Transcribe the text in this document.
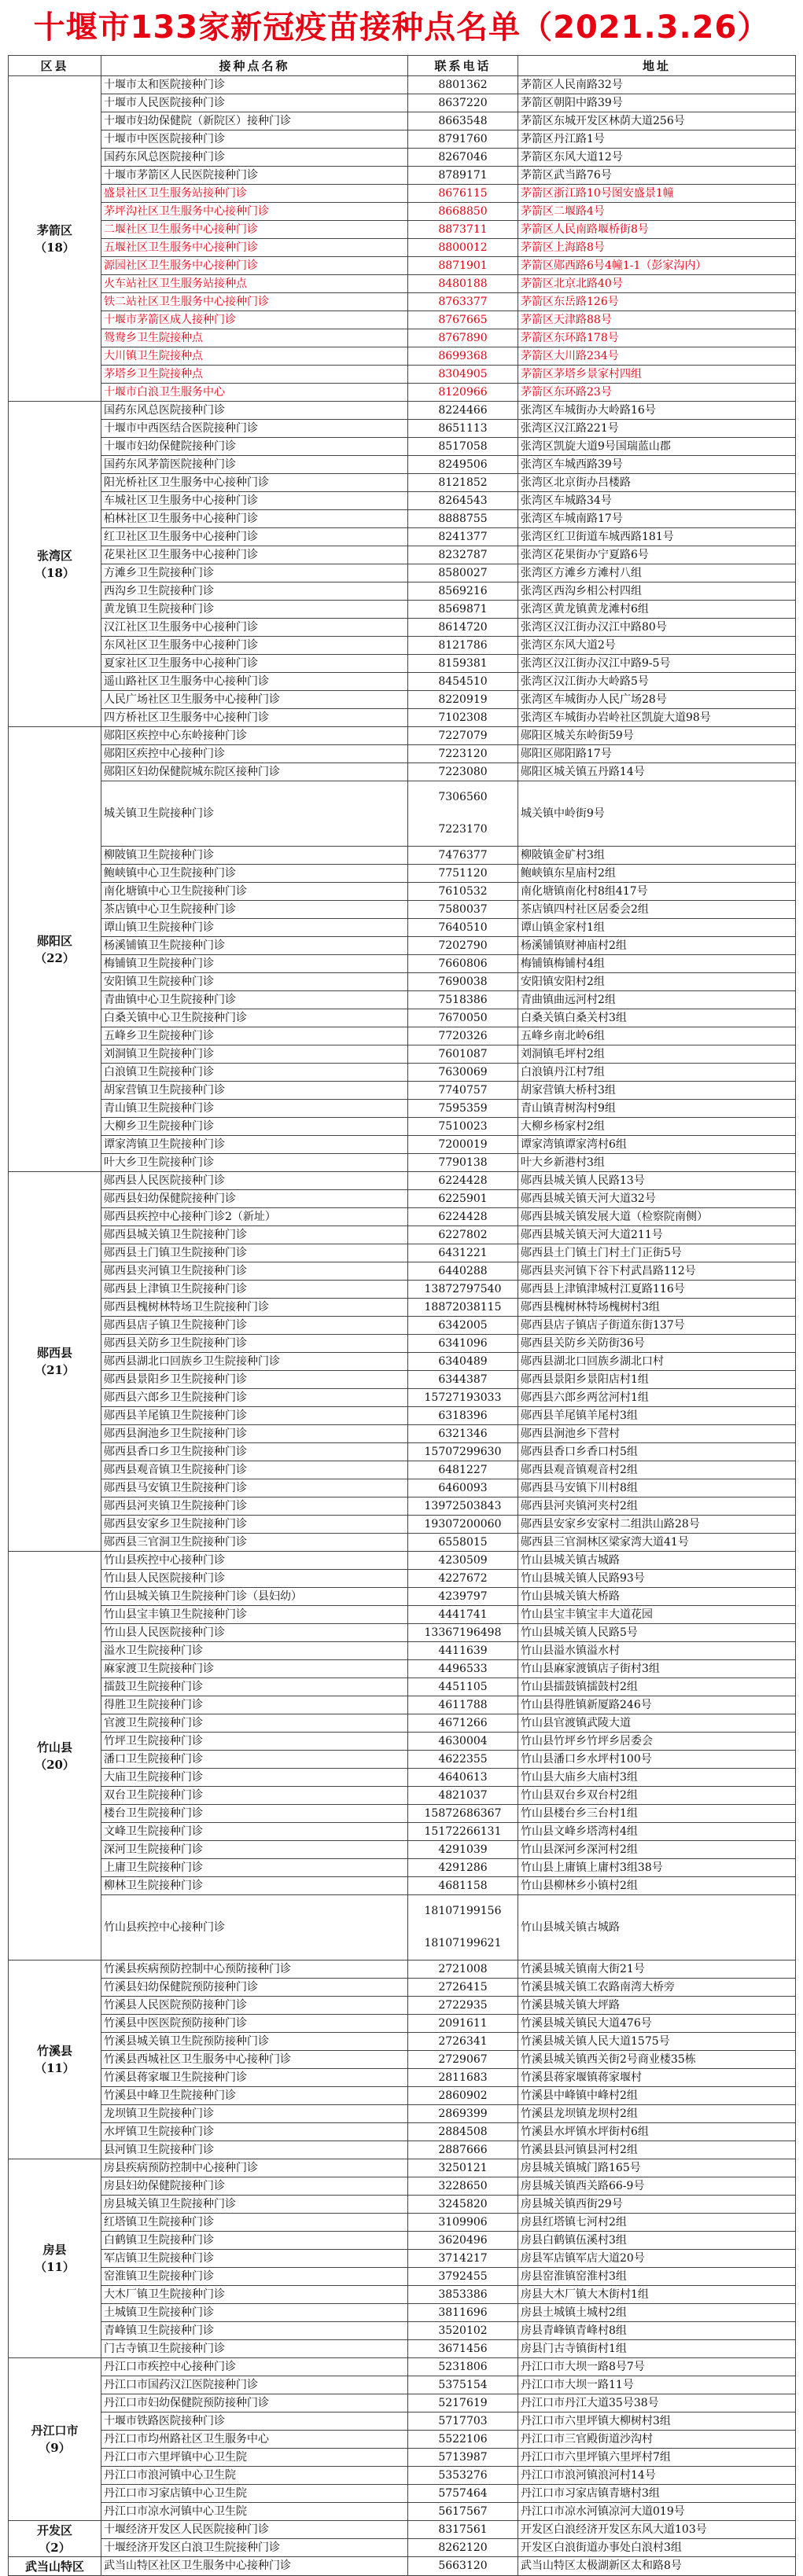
十堰市133家新冠疫苗接种点名单（2021.3.26）
区县	接种点名称	联系电话	地址

茅箭区
（18）	十堰市太和医院接种门诊	8801362	茅箭区人民南路32号
	十堰市人民医院接种门诊	8637220	茅箭区朝阳中路39号
	十堰市妇幼保健院（新院区）接种门诊	8663548	茅箭区东城开发区林荫大道256号
	十堰市中医医院接种门诊	8791760	茅箭区丹江路1号
	国药东风总医院接种门诊	8267046	茅箭区东风大道12号
	十堰市茅箭区人民医院接种门诊	8789171	茅箭区武当路76号
	盛景社区卫生服务站接种门诊	8676115	茅箭区浙江路10号图安盛景1幢
	茅坪沟社区卫生服务中心接种门诊	8668850	茅箭区二堰路4号
	二堰社区卫生服务中心接种门诊	8873711	茅箭区人民南路堰桥街8号
	五堰社区卫生服务中心接种门诊	8800012	茅箭区上海路8号
	源园社区卫生服务中心接种门诊	8871901	茅箭区郧西路6号4幢1-1（彭家沟内）
	火车站社区卫生服务站接种点	8480188	茅箭区北京北路40号
	铁二站社区卫生服务中心接种门诊	8763377	茅箭区东岳路126号
	十堰市茅箭区成人接种门诊	8767665	茅箭区天津路88号
	鸳鸯乡卫生院接种点	8767890	茅箭区东环路178号
	大川镇卫生院接种点	8699368	茅箭区大川路234号
	茅塔乡卫生院接种点	8304905	茅箭区茅塔乡景家村四组
	十堰市白浪卫生服务中心	8120966	茅箭区东环路23号

张湾区
（18）	国药东风总医院接种门诊	8224466	张湾区车城街办大岭路16号
	十堰市中西医结合医院接种门诊	8651113	张湾区汉江路221号
	十堰市妇幼保健院接种门诊	8517058	张湾区凯旋大道9号国瑞蓝山郡
	国药东风茅箭医院接种门诊	8249506	张湾区车城西路39号
	阳光桥社区卫生服务中心接种门诊	8121852	张湾区北京街办吕楼路
	车城社区卫生服务中心接种门诊	8264543	张湾区车城路34号
	柏林社区卫生服务中心接种门诊	8888755	张湾区车城南路17号
	红卫社区卫生服务中心接种门诊	8241377	张湾区红卫街道车城西路181号
	花果社区卫生服务中心接种门诊	8232787	张湾区花果街办宁夏路6号
	方滩乡卫生院接种门诊	8580027	张湾区方滩乡方滩村八组
	西沟乡卫生院接种门诊	8569216	张湾区西沟乡相公村四组
	黄龙镇卫生院接种门诊	8569871	张湾区黄龙镇黄龙滩村6组
	汉江社区卫生服务中心接种门诊	8614720	张湾区汉江街办汉江中路80号
	东风社区卫生服务中心接种门诊	8121786	张湾区东风大道2号
	夏家社区卫生服务中心接种门诊	8159381	张湾区汉江街办汉江中路9-5号
	遥山路社区卫生服务中心接种门诊	8454510	张湾区汉江街办大岭路5号
	人民广场社区卫生服务中心接种门诊	8220919	张湾区车城街办人民广场28号
	四方桥社区卫生服务中心接种门诊	7102308	张湾区车城街办岩岭社区凯旋大道98号

郧阳区
（22）	郧阳区疾控中心东岭接种门诊	7227079	郧阳区城关东岭街59号
	郧阳区疾控中心接种门诊	7223120	郧阳区郧阳路17号
	郧阳区妇幼保健院城东院区接种门诊	7223080	郧阳区城关镇五丹路14号
	城关镇卫生院接种门诊	7306560
7223170	城关镇中岭街9号
	柳陂镇卫生院接种门诊	7476377	柳陂镇金矿村3组
	鲍峡镇中心卫生院接种门诊	7751120	鲍峡镇东星庙村2组
	南化塘镇中心卫生院接种门诊	7610532	南化塘镇南化村8组417号
	茶店镇中心卫生院接种门诊	7580037	茶店镇四村社区居委会2组
	谭山镇卫生院接种门诊	7640510	谭山镇金家村1组
	杨溪铺镇卫生院接种门诊	7202790	杨溪铺镇财神庙村2组
	梅铺镇卫生院接种门诊	7660806	梅铺镇梅铺村4组
	安阳镇卫生院接种门诊	7690038	安阳镇安阳村2组
	青曲镇中心卫生院接种门诊	7518386	青曲镇曲远河村2组
	白桑关镇中心卫生院接种门诊	7670050	白桑关镇白桑关村3组
	五峰乡卫生院接种门诊	7720326	五峰乡南北岭6组
	刘洞镇卫生院接种门诊	7601087	刘洞镇毛坪村2组
	白浪镇卫生院接种门诊	7630069	白浪镇丹江村7组
	胡家营镇卫生院接种门诊	7740757	胡家营镇大桥村3组
	青山镇卫生院接种门诊	7595359	青山镇青树沟村9组
	大柳乡卫生院接种门诊	7510023	大柳乡杨家村2组
	谭家湾镇卫生院接种门诊	7200019	谭家湾镇谭家湾村6组
	叶大乡卫生院接种门诊	7790138	叶大乡新港村3组

郧西县
（21）	郧西县人民医院接种门诊	6224428	郧西县城关镇人民路13号
	郧西县妇幼保健院接种门诊	6225901	郧西县城关镇天河大道32号
	郧西县疾控中心接种门诊2（新址）	6224428	郧西县城关镇发展大道（检察院南侧）
	郧西县城关镇卫生院接种门诊	6227802	郧西县城关镇天河大道211号
	郧西县土门镇卫生院接种门诊	6431221	郧西县土门镇土门村土门正街5号
	郧西县夹河镇卫生院接种门诊	6440288	郧西县夹河镇下谷下村武昌路112号
	郧西县上津镇卫生院接种门诊	13872797540	郧西县上津镇津城村江夏路116号
	郧西县槐树林特场卫生院接种门诊	18872038115	郧西县槐树林特场槐树村3组
	郧西县店子镇卫生院接种门诊	6342005	郧西县店子镇店子街道东街137号
	郧西县关防乡卫生院接种门诊	6341096	郧西县关防乡关防街36号
	郧西县湖北口回族乡卫生院接种门诊	6340489	郧西县湖北口回族乡湖北口村
	郧西县景阳乡卫生院接种门诊	6344387	郧西县景阳乡景阳店村1组
	郧西县六郎乡卫生院接种门诊	15727193033	郧西县六郎乡两岔河村1组
	郧西县羊尾镇卫生院接种门诊	6318396	郧西县羊尾镇羊尾村3组
	郧西县涧池乡卫生院接种门诊	6321346	郧西县涧池乡下营村
	郧西县香口乡卫生院接种门诊	15707299630	郧西县香口乡香口村5组
	郧西县观音镇卫生院接种门诊	6481227	郧西县观音镇观音村2组
	郧西县马安镇卫生院接种门诊	6460093	郧西县马安镇下川村8组
	郧西县河夹镇卫生院接种门诊	13972503843	郧西县河夹镇河夹村2组
	郧西县安家乡卫生院接种门诊	19307200060	郧西县安家乡安家村二组洪山路28号
	郧西县三官洞卫生院接种门诊	6558015	郧西县三官洞林区梁家湾大道41号

竹山县
（20）	竹山县疾控中心接种门诊	4230509	竹山县城关镇古城路
	竹山县人民医院接种门诊	4227672	竹山县城关镇人民路93号
	竹山县城关镇卫生院接种门诊（县妇幼）	4239797	竹山县城关镇大桥路
	竹山县宝丰镇卫生院接种门诊	4441741	竹山县宝丰镇宝丰大道花园
	竹山县人民医院接种门诊	13367196498	竹山县城关镇人民路5号
	溢水卫生院接种门诊	4411639	竹山县溢水镇溢水村
	麻家渡卫生院接种门诊	4496533	竹山县麻家渡镇店子街村3组
	擂鼓卫生院接种门诊	4451105	竹山县擂鼓镇擂鼓村2组
	得胜卫生院接种门诊	4611788	竹山县得胜镇新厦路246号
	官渡卫生院接种门诊	4671266	竹山县官渡镇武陵大道
	竹坪卫生院接种门诊	4630004	竹山县竹坪乡竹坪乡居委会
	潘口卫生院接种门诊	4622355	竹山县潘口乡水坪村100号
	大庙卫生院接种门诊	4640613	竹山县大庙乡大庙村3组
	双台卫生院接种门诊	4821037	竹山县双台乡双台村2组
	楼台卫生院接种门诊	15872686367	竹山县楼台乡三台村1组
	文峰卫生院接种门诊	15172266131	竹山县文峰乡塔湾村4组
	深河卫生院接种门诊	4291039	竹山县深河乡深河村2组
	上庸卫生院接种门诊	4291286	竹山县上庸镇上庸村3组38号
	柳林卫生院接种门诊	4681158	竹山县柳林乡小镇村2组
	竹山县疾控中心接种门诊	18107199156
18107199621	竹山县城关镇古城路

竹溪县
（11）	竹溪县疾病预防控制中心预防接种门诊	2721008	竹溪县城关镇南大街21号
	竹溪县妇幼保健院预防接种门诊	2726415	竹溪县城关镇工农路南湾大桥旁
	竹溪县人民医院预防接种门诊	2722935	竹溪县城关镇大坪路
	竹溪县中医医院预防接种门诊	2091611	竹溪县城关镇民大道476号
	竹溪县城关镇卫生院预防接种门诊	2726341	竹溪县城关镇人民大道1575号
	竹溪县西城社区卫生服务中心接种门诊	2729067	竹溪县城关镇西关街2号商业楼35栋
	竹溪县蒋家堰卫生院接种门诊	2811683	竹溪县蒋家堰镇蒋家堰村
	竹溪县中峰卫生院接种门诊	2860902	竹溪县中峰镇中峰村2组
	龙坝镇卫生院接种门诊	2869399	竹溪县龙坝镇龙坝村2组
	水坪镇卫生院接种门诊	2884508	竹溪县水坪镇水坪街村6组
	县河镇卫生院接种门诊	2887666	竹溪县县河镇县河村2组

房县
（11）	房县疾病预防控制中心接种门诊	3250121	房县城关镇城门路165号
	房县妇幼保健院接种门诊	3228650	房县城关镇西关路66-9号
	房县城关镇卫生院接种门诊	3245820	房县城关镇西街29号
	红塔镇卫生院接种门诊	3109906	房县红塔镇七河村2组
	白鹤镇卫生院接种门诊	3620496	房县白鹤镇伍溪村3组
	军店镇卫生院接种门诊	3714217	房县军店镇军店大道20号
	窑淮镇卫生院接种门诊	3792455	房县窑淮镇窑淮村3组
	大木厂镇卫生院接种门诊	3853386	房县大木厂镇大木街村1组
	土城镇卫生院接种门诊	3811696	房县土城镇土城村2组
	青峰镇卫生院接种门诊	3520102	房县青峰镇青峰村8组
	门古寺镇卫生院接种门诊	3671456	房县门古寺镇街村1组

丹江口市
（9）	丹江口市疾控中心接种门诊	5231806	丹江口市大坝一路8号7号
	丹江口市国药汉江医院接种门诊	5375154	丹江口市大坝一路11号
	丹江口市妇幼保健院预防接种门诊	5217619	丹江口市丹江大道35号38号
	十堰市铁路医院接种门诊	5717703	丹江口市六里坪镇大柳树村3组
	丹江口市均州路社区卫生服务中心	5522106	丹江口市三官殿街道沙沟村
	丹江口市六里坪镇中心卫生院	5713987	丹江口市六里坪镇六里坪村7组
	丹江口市浪河镇中心卫生院	5353276	丹江口市浪河镇浪河村14号
	丹江口市习家店镇中心卫生院	5757464	丹江口市习家店镇青塘村3组
	丹江口市凉水河镇中心卫生院	5617567	丹江口市凉水河镇凉河大道019号

开发区
（2）	十堰经济开发区人民医院接种门诊	8317561	开发区白浪经济开发区东风大道103号
	十堰经济开发区白浪卫生院接种门诊	8262120	开发区白浪街道办事处白浪村3组

武当山特区	武当山特区社区卫生服务中心接种门诊	5663120	武当山特区太极湖新区太和路8号
